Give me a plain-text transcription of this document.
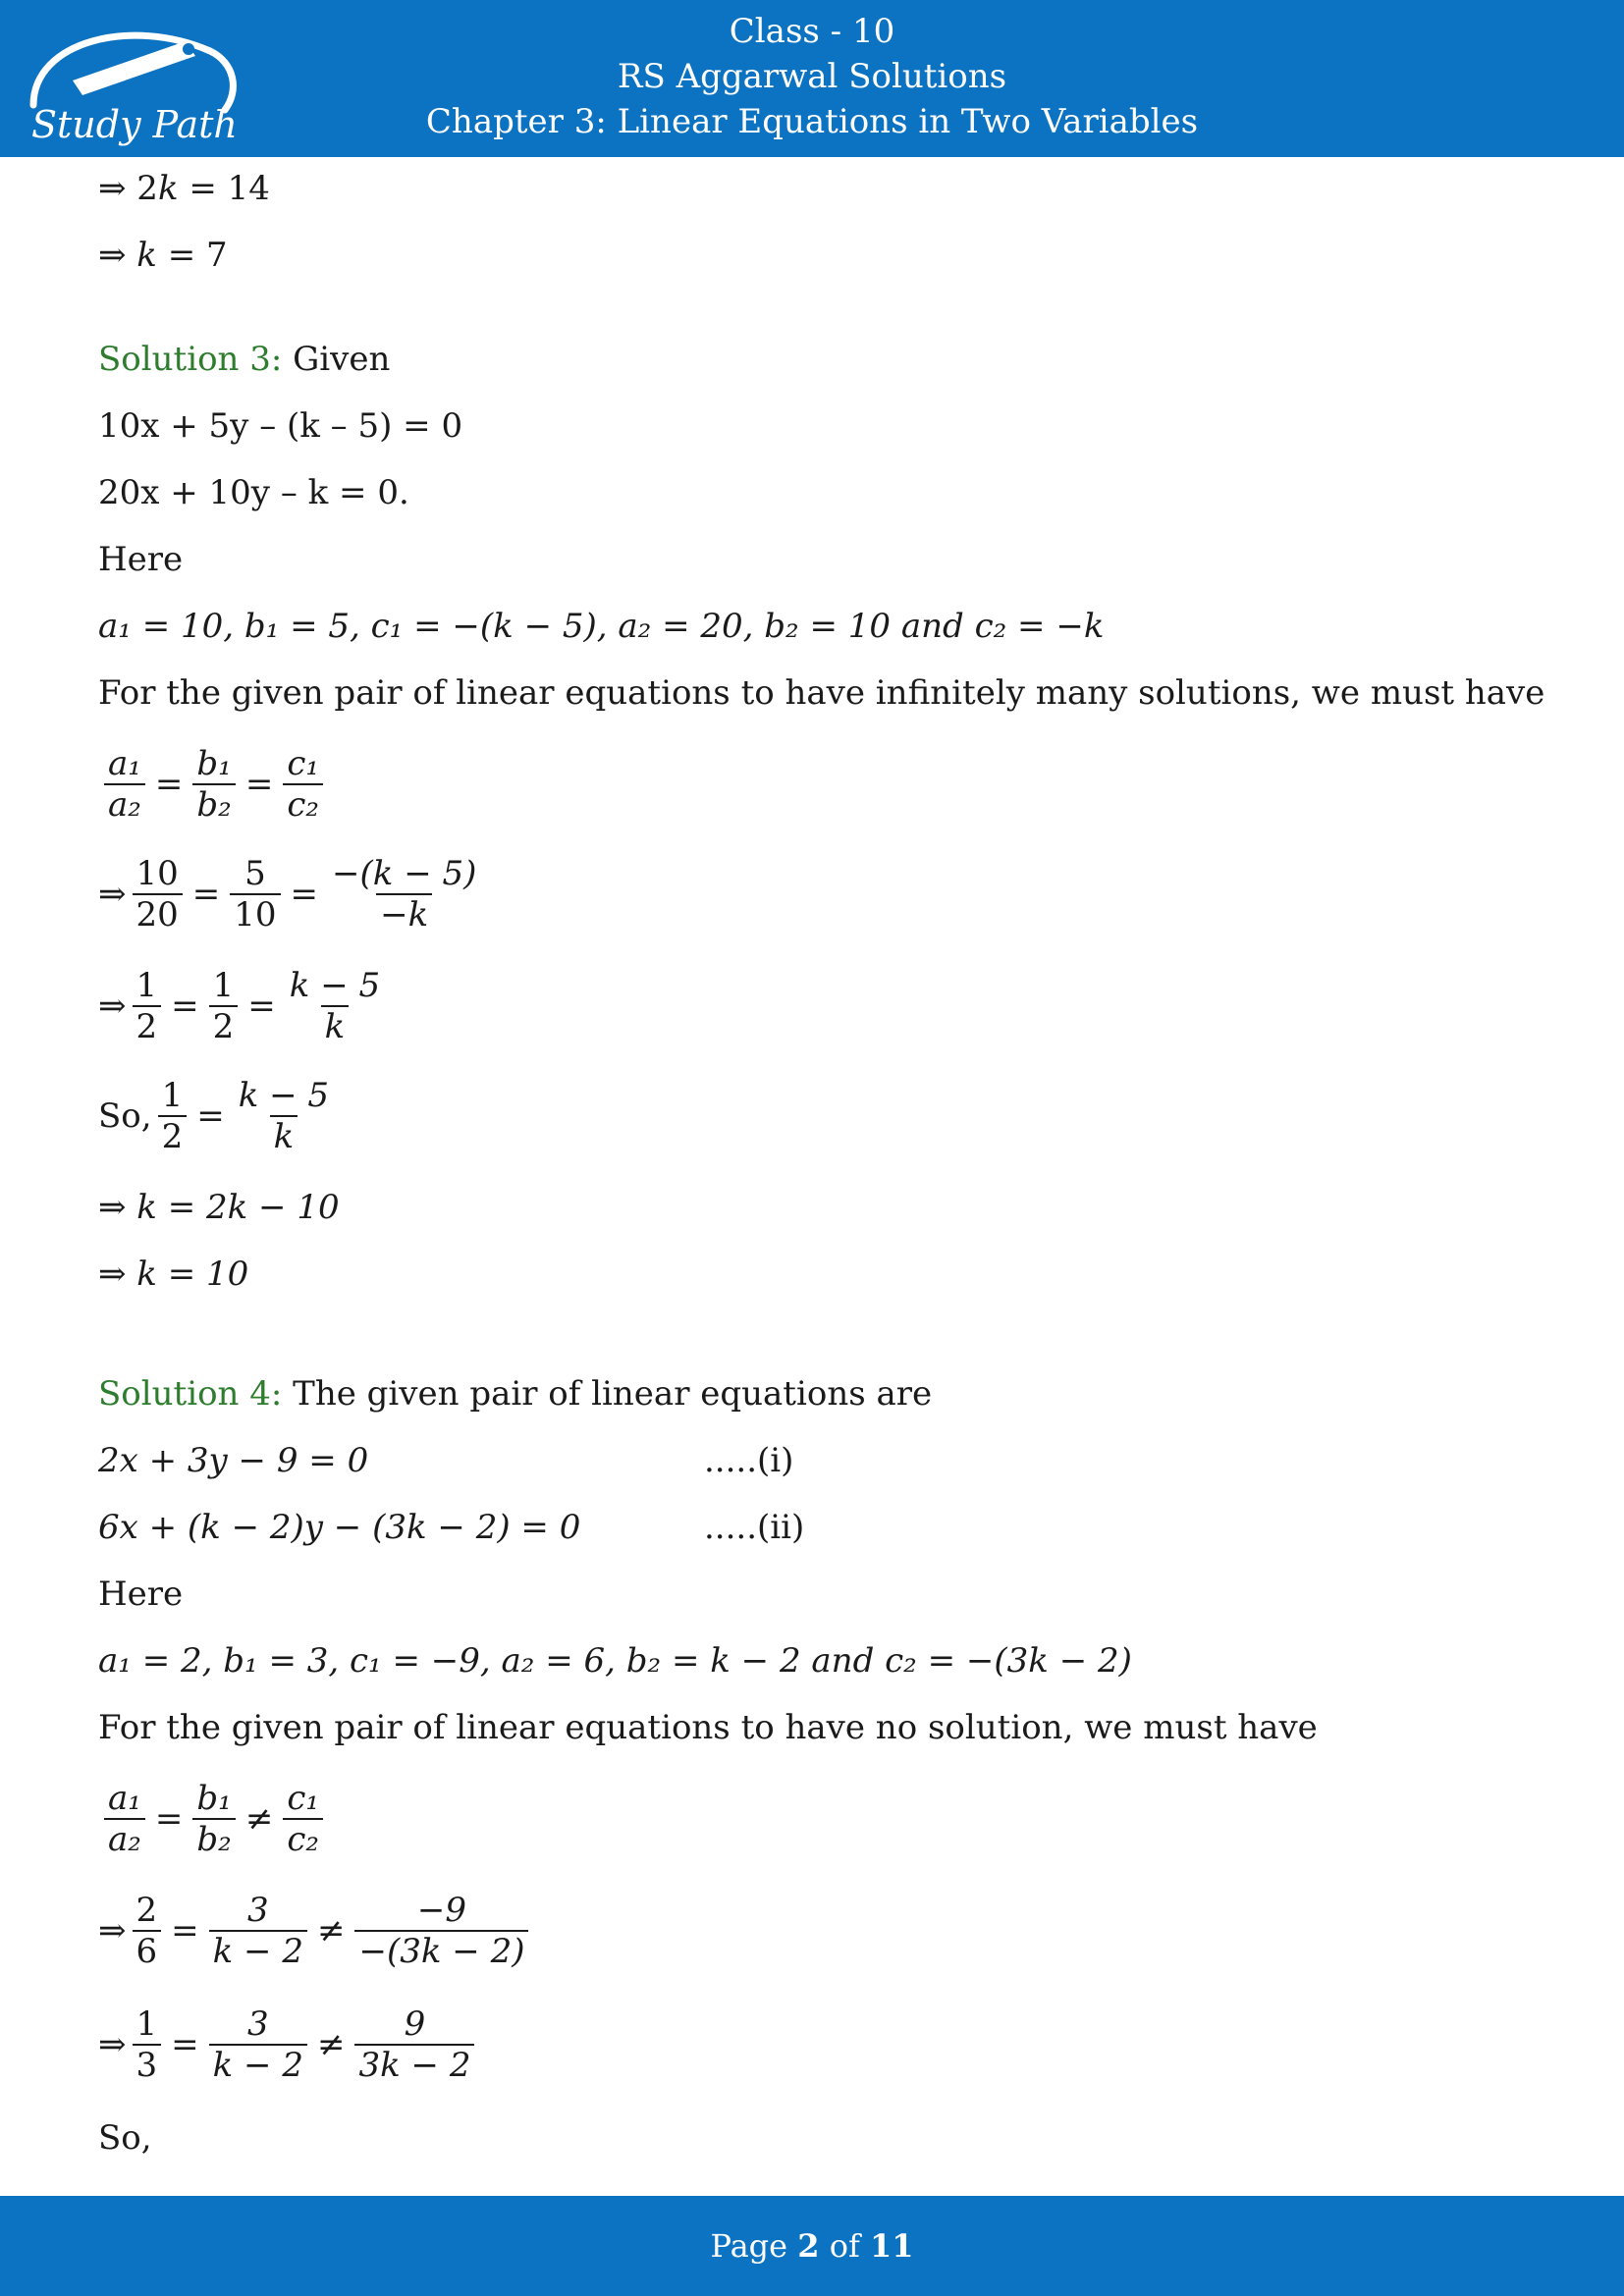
Study Path
Class - 10
RS Aggarwal Solutions
Chapter 3: Linear Equations in Two Variables
⇒ 2k = 14
⇒ k = 7
Solution 3: Given
10x + 5y – (k – 5) = 0
20x + 10y – k = 0.
Here
a₁ = 10, b₁ = 5, c₁ = −(k − 5), a₂ = 20, b₂ = 10 and c₂ = −k
For the given pair of linear equations to have infinitely many solutions, we must have
$\frac{\text{a₁}}{\text{a₂}} = \frac{\text{b₁}}{\text{b₂}} = \frac{\text{c₁}}{\text{c₂}}$
⇒ $\frac{10}{20} = \frac{5}{10} = \frac{-(k - 5)}{-k}$
⇒ $\frac{1}{2} = \frac{1}{2} = \frac{k - 5}{k}$
So, $\frac{1}{2} = \frac{k - 5}{k}$
⇒ k = 2k − 10
⇒ k = 10
Solution 4: The given pair of linear equations are
2x + 3y − 9 = 0	.....(i)
6x + (k − 2)y − (3k − 2) = 0	.....(ii)
Here
a₁ = 2, b₁ = 3, c₁ = −9, a₂ = 6, b₂ = k − 2 and c₂ = −(3k − 2)
For the given pair of linear equations to have no solution, we must have
$\frac{\text{a₁}}{\text{a₂}} = \frac{\text{b₁}}{\text{b₂}} \ne \frac{\text{c₁}}{\text{c₂}}$
⇒ $\frac{2}{6} = \frac{3}{k - 2} \ne \frac{-9}{-(3k - 2)}$
⇒ $\frac{1}{3} = \frac{3}{k - 2} \ne \frac{9}{3k - 2}$
So,
Page 2 of 11
